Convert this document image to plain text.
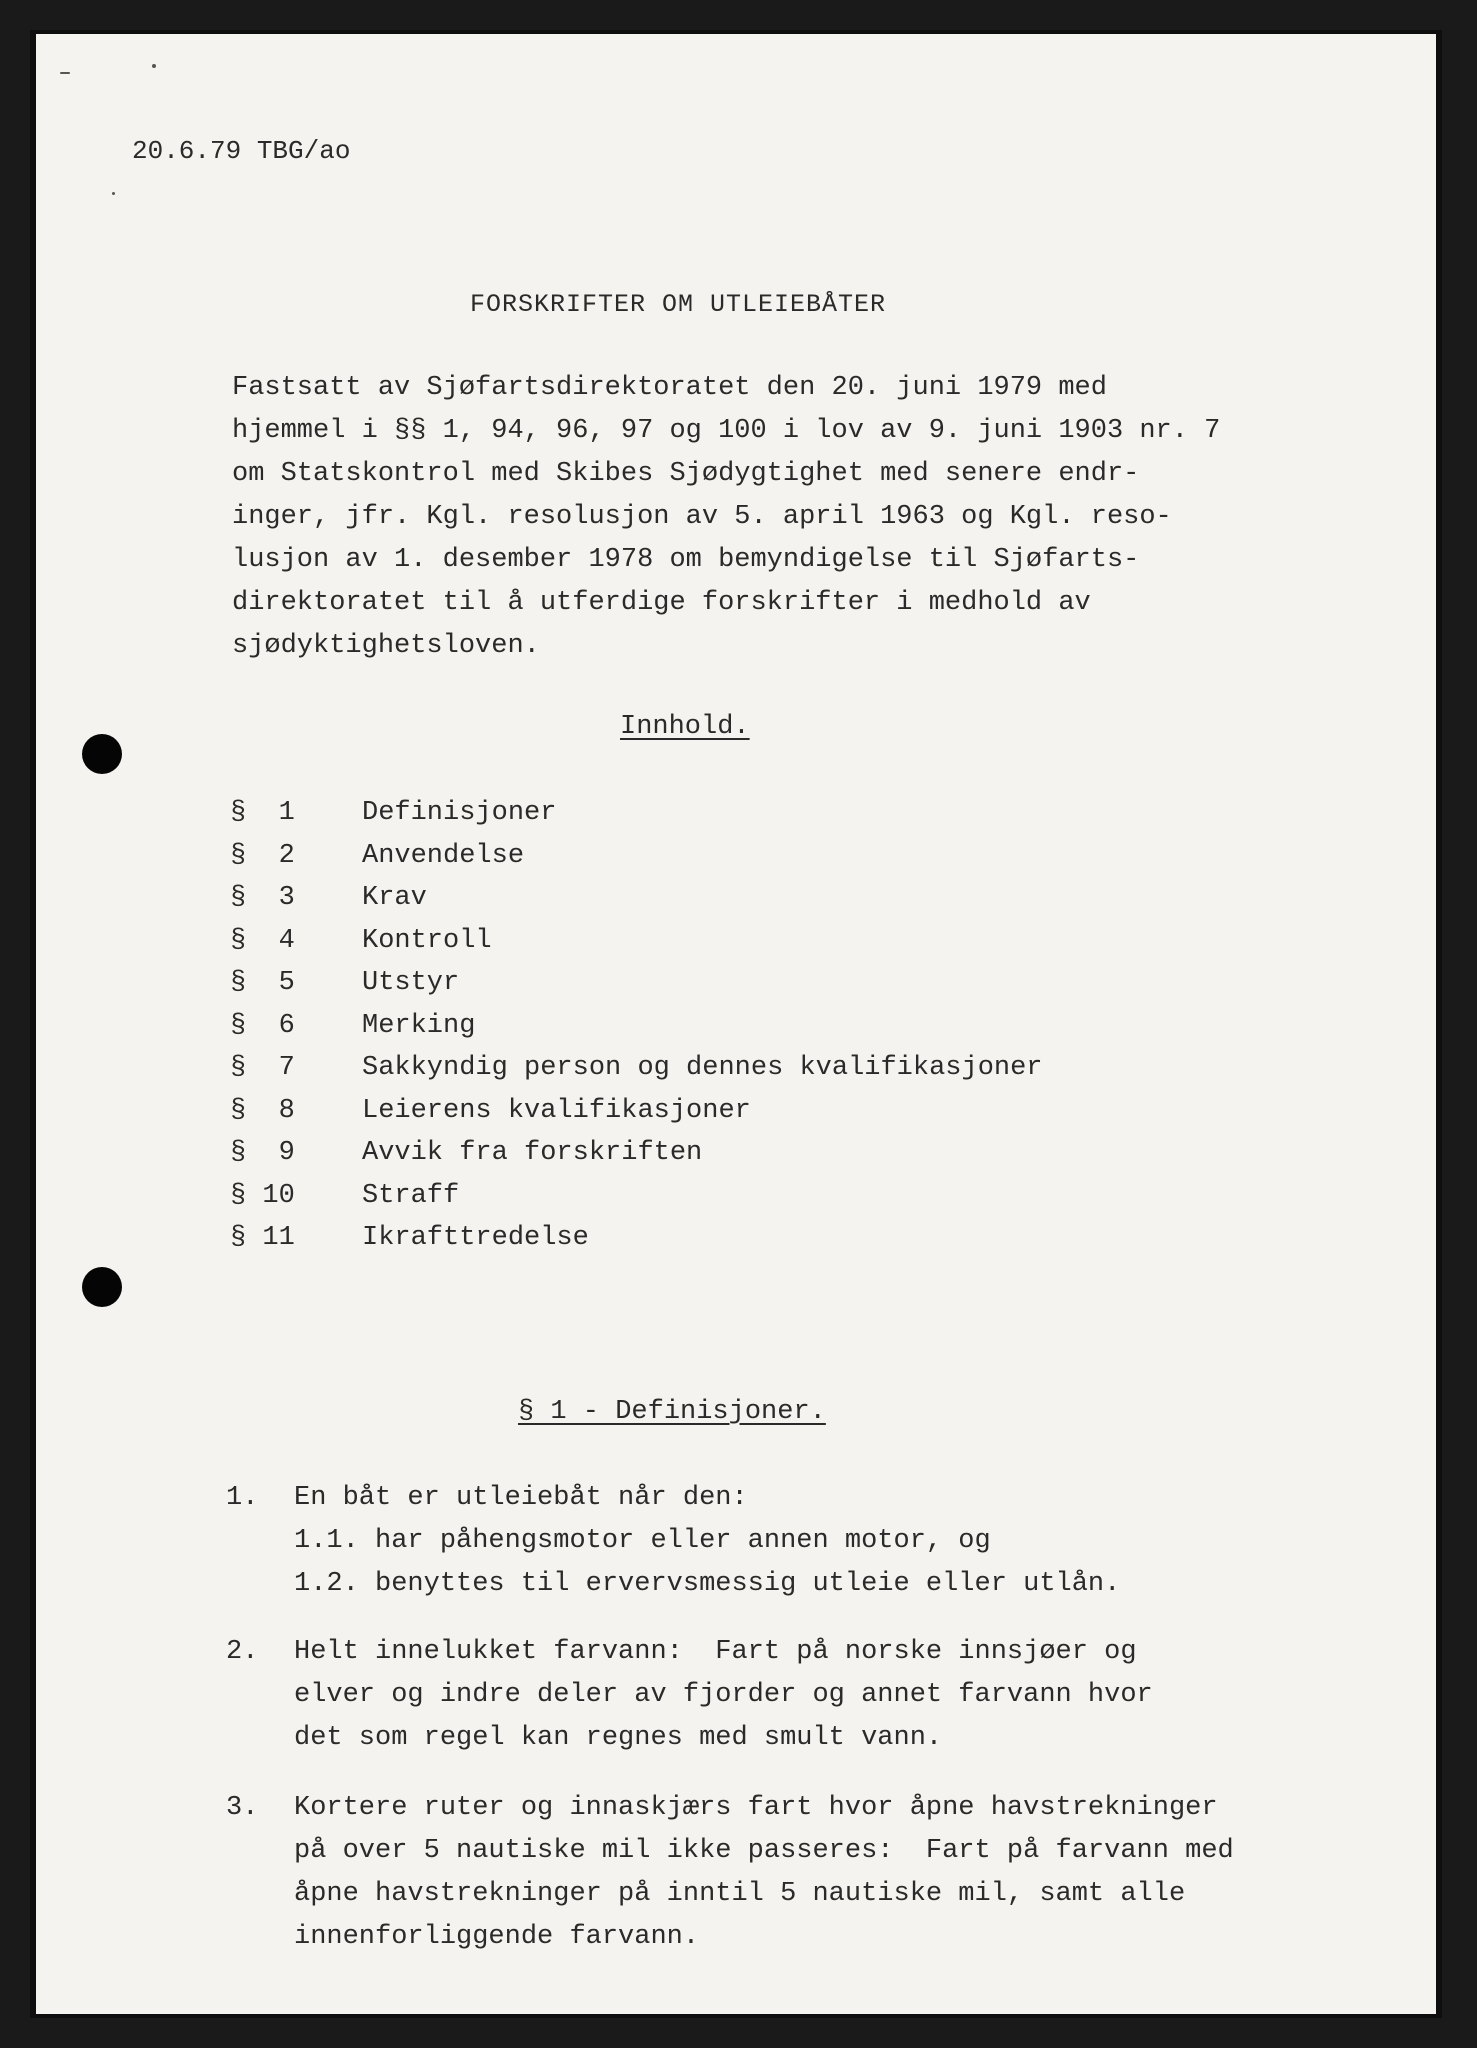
20.6.79 TBG/ao
FORSKRIFTER OM UTLEIEBÅTER
Fastsatt av Sjøfartsdirektoratet den 20. juni 1979 med
hjemmel i §§ 1, 94, 96, 97 og 100 i lov av 9. juni 1903 nr. 7
om Statskontrol med Skibes Sjødygtighet med senere endr-
inger, jfr. Kgl. resolusjon av 5. april 1963 og Kgl. reso-
lusjon av 1. desember 1978 om bemyndigelse til Sjøfarts-
direktoratet til å utferdige forskrifter i medhold av
sjødyktighetsloven.
Innhold.
§  1	Definisjoner
§  2	Anvendelse
§  3	Krav
§  4	Kontroll
§  5	Utstyr
§  6	Merking
§  7	Sakkyndig person og dennes kvalifikasjoner
§  8	Leierens kvalifikasjoner
§  9	Avvik fra forskriften
§ 10	Straff
§ 11	Ikrafttredelse
§ 1 - Definisjoner.
1.	En båt er utleiebåt når den:
1.1. har påhengsmotor eller annen motor, og
1.2. benyttes til ervervsmessig utleie eller utlån.
2.	Helt innelukket farvann:  Fart på norske innsjøer og
elver og indre deler av fjorder og annet farvann hvor
det som regel kan regnes med smult vann.
3.	Kortere ruter og innaskjærs fart hvor åpne havstrekninger
på over 5 nautiske mil ikke passeres:  Fart på farvann med
åpne havstrekninger på inntil 5 nautiske mil, samt alle
innenforliggende farvann.
